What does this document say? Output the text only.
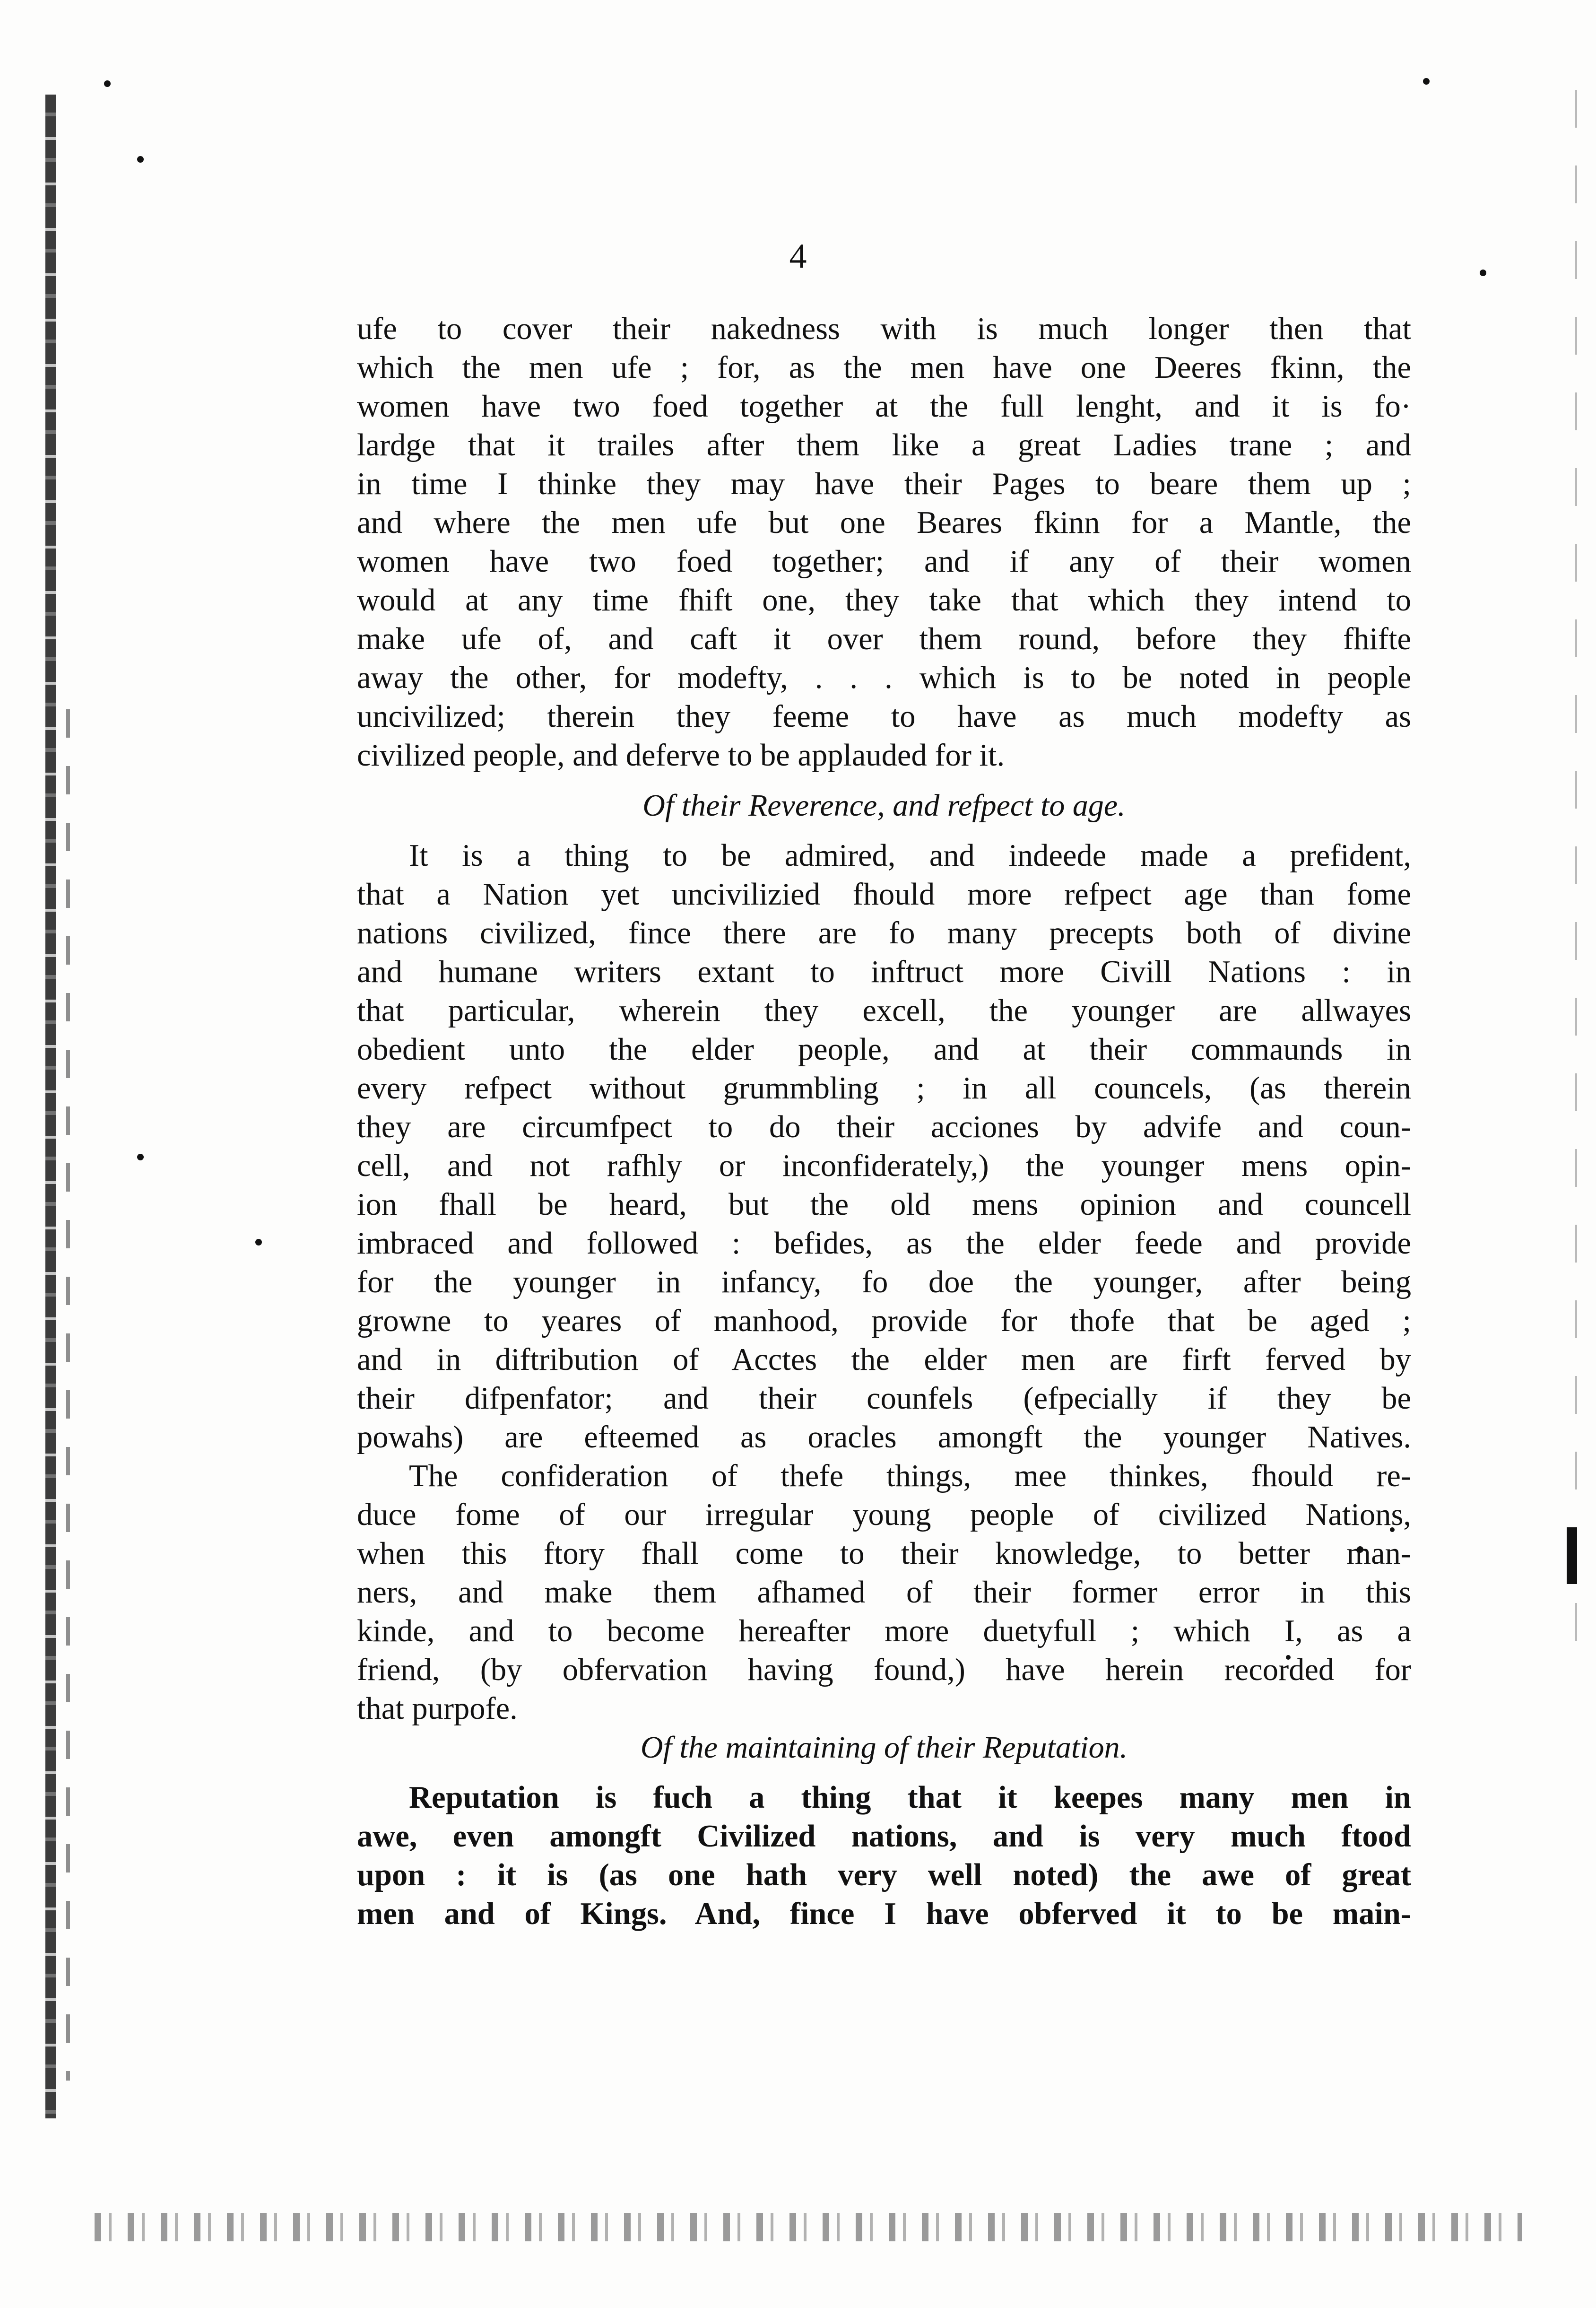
4
ufe to cover their nakedness with is much longer then that
which the men ufe ; for, as the men have one Deeres fkinn, the
women have two foed together at the full lenght, and it is fo·
lardge that it trailes after them like a great Ladies trane ; and
in time I thinke they may have their Pages to beare them up ;
and where the men ufe but one Beares fkinn for a Mantle, the
women have two foed together; and if any of their women
would at any time fhift one, they take that which they intend to
make ufe of, and caft it over them round, before they fhifte
away the other, for modefty, . . . which is to be noted in people
uncivilized; therein they feeme to have as much modefty as
civilized people, and deferve to be applauded for it.
Of their Reverence, and refpect to age.
It is a thing to be admired, and indeede made a prefident,
that a Nation yet uncivilizied fhould more refpect age than fome
nations civilized, fince there are fo many precepts both of divine
and humane writers extant to inftruct more Civill Nations : in
that particular, wherein they excell, the younger are allwayes
obedient unto the elder people, and at their commaunds in
every refpect without grummbling ; in all councels, (as therein
they are circumfpect to do their acciones by advife and coun-
cell, and not rafhly or inconfiderately,) the younger mens opin-
ion fhall be heard, but the old mens opinion and councell
imbraced and followed : befides, as the elder feede and provide
for the younger in infancy, fo doe the younger, after being
growne to yeares of manhood, provide for thofe that be aged ;
and in diftribution of Acctes the elder men are firft ferved by
their difpenfator; and their counfels (efpecially if they be
powahs) are efteemed as oracles amongft the younger Natives.
The confideration of thefe things, mee thinkes, fhould re-
duce fome of our irregular young people of civilized Nations,
when this ftory fhall come to their knowledge, to better man-
ners, and make them afhamed of their former error in this
kinde, and to become hereafter more duetyfull ; which I, as a
friend, (by obfervation having found,) have herein recorded for
that purpofe.
Of the maintaining of their Reputation.
Reputation is fuch a thing that it keepes many men in
awe, even amongft Civilized nations, and is very much ftood
upon : it is (as one hath very well noted) the awe of great
men and of Kings. And, fince I have obferved it to be main-
